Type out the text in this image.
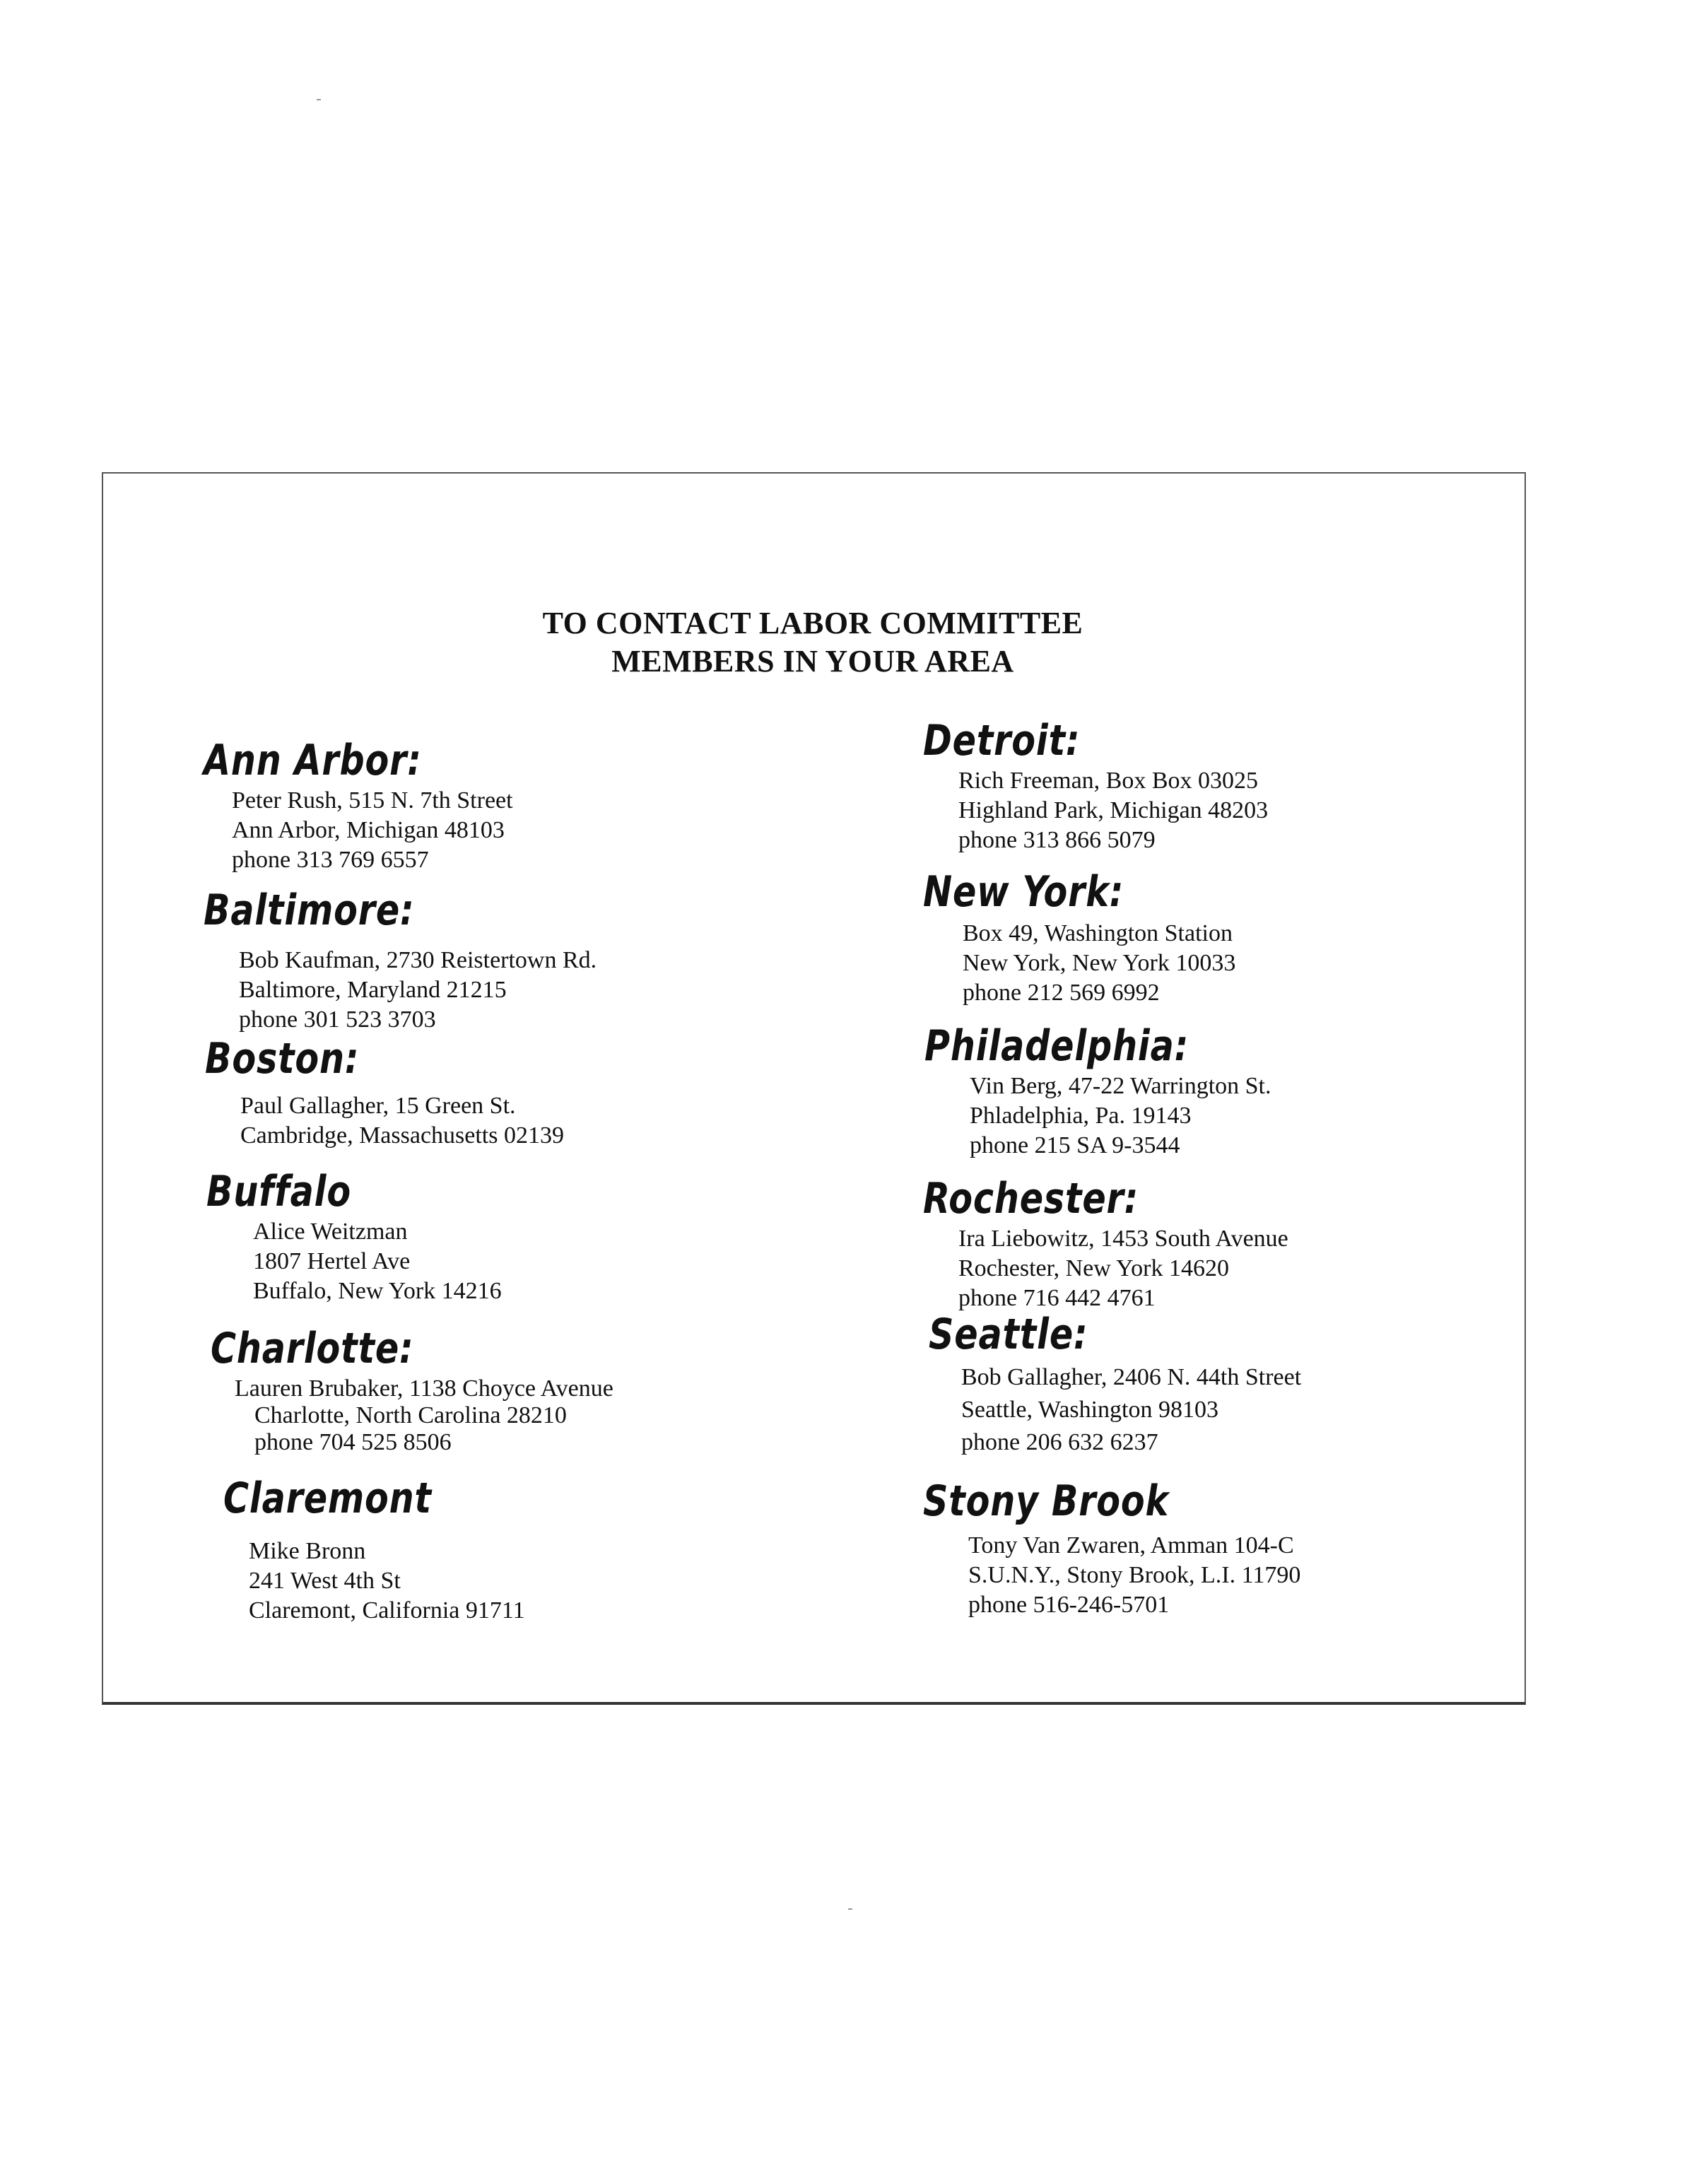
TO CONTACT LABOR COMMITTEE
MEMBERS IN YOUR AREA
Ann Arbor:
Peter Rush, 515 N. 7th Street
Ann Arbor, Michigan 48103
phone 313 769 6557
Baltimore:
Bob Kaufman, 2730 Reistertown Rd.
Baltimore, Maryland 21215
phone 301 523 3703
Boston:
Paul Gallagher, 15 Green St.
Cambridge, Massachusetts 02139
Buffalo
Alice Weitzman
1807 Hertel Ave
Buffalo, New York 14216
Charlotte:
Lauren Brubaker, 1138 Choyce Avenue
Charlotte, North Carolina 28210
phone 704 525 8506
Claremont
Mike Bronn
241 West 4th St
Claremont, California 91711
Detroit:
Rich Freeman, Box Box 03025
Highland Park, Michigan 48203
phone 313 866 5079
New York:
Box 49, Washington Station
New York, New York 10033
phone 212 569 6992
Philadelphia:
Vin Berg, 47-22 Warrington St.
Phladelphia, Pa. 19143
phone 215 SA 9-3544
Rochester:
Ira Liebowitz, 1453 South Avenue
Rochester, New York 14620
phone 716 442 4761
Seattle:
Bob Gallagher, 2406 N. 44th Street
Seattle, Washington 98103
phone 206 632 6237
Stony Brook
Tony Van Zwaren, Amman 104-C
S.U.N.Y., Stony Brook, L.I. 11790
phone 516-246-5701
